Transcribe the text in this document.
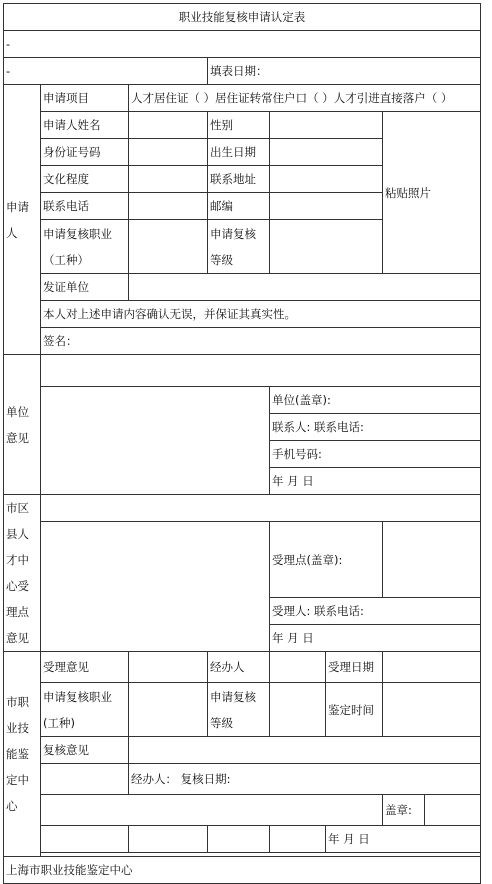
职业技能复核申请认定表							
-							
-			填表日期：				
申请人	申请项目	人才居住证（ ）居住证转常住户口（ ）人才引进直接落户（ ）					
	申请人姓名		性别			粘贴照片	
	身份证号码		出生日期				
	文化程度		联系地址				
	联系电话		邮编				
	申请复核职业（工种）		申请复核等级				

	发证单位						
	本人对上述申请内容确认无误，并保证其真实性。						
	签名：						
单位意见							
				单位(盖章):			
				联系人: 联系电话:			
				手机号码:			
				年 月 日			
市区县人才中心受理点意见							
				受理点(盖章):			
				受理人: 联系电话:			
				年 月 日			
市职业技能鉴定中心	受理意见		经办人		受理日期		
	申请复核职业(工种)		申请复核等级		鉴定时间		

	复核意见						
		经办人： 复核日期:					
						盖章:	
					年 月 日		

上海市职业技能鉴定中心							
